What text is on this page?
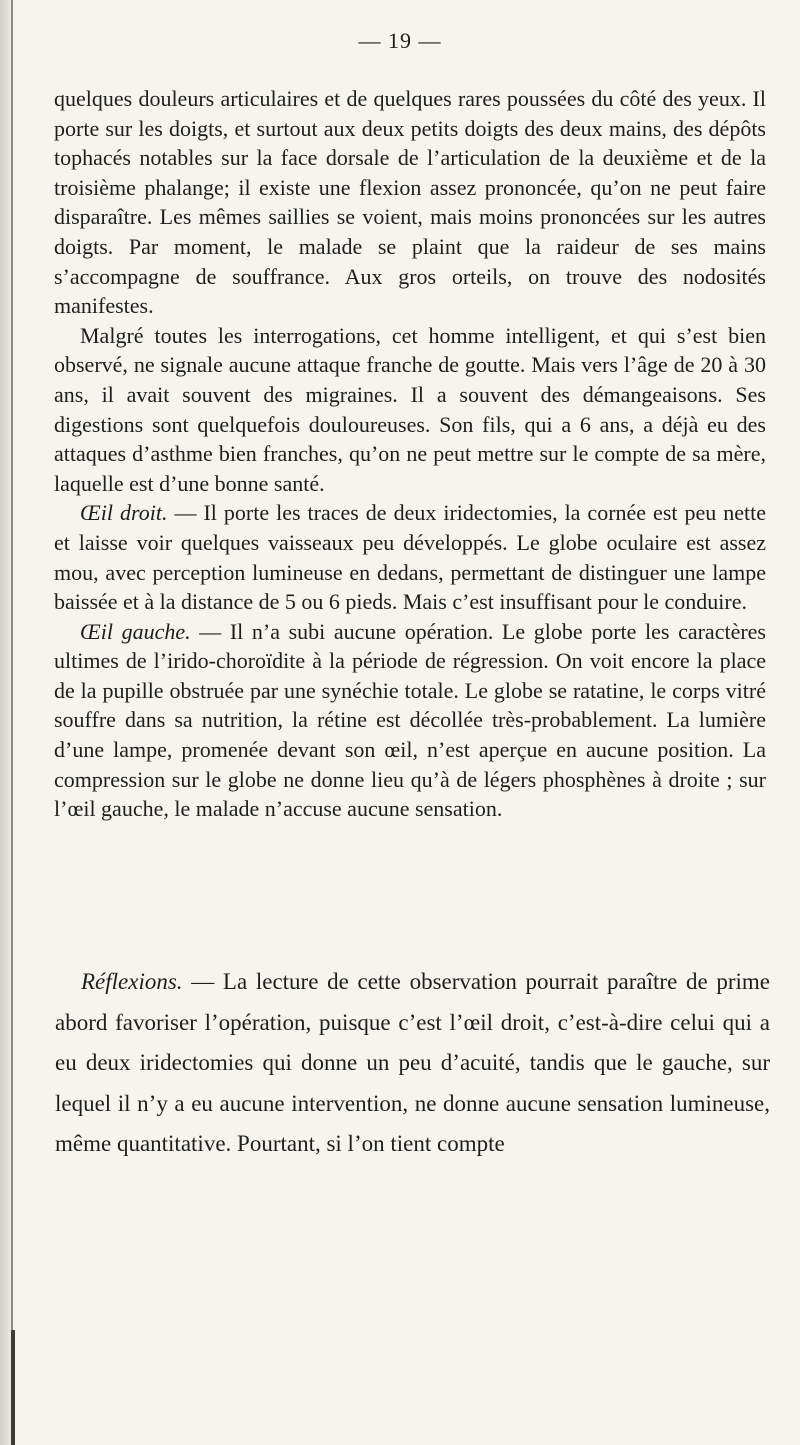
— 19 —

quelques douleurs articulaires et de quelques rares poussées du côté des yeux. Il porte sur les doigts, et surtout aux deux petits doigts des deux mains, des dépôts tophacés notables sur la face dorsale de l’articulation de la deuxième et de la troisième phalange; il existe une flexion assez prononcée, qu’on ne peut faire disparaître. Les mêmes saillies se voient, mais moins prononcées sur les autres doigts. Par moment, le malade se plaint que la raideur de ses mains s’accompagne de souffrance. Aux gros orteils, on trouve des nodosités manifestes.

Malgré toutes les interrogations, cet homme intelligent, et qui s’est bien observé, ne signale aucune attaque franche de goutte. Mais vers l’âge de 20 à 30 ans, il avait souvent des migraines. Il a souvent des démangeaisons. Ses digestions sont quelquefois douloureuses. Son fils, qui a 6 ans, a déjà eu des attaques d’asthme bien franches, qu’on ne peut mettre sur le compte de sa mère, laquelle est d’une bonne santé.

Œil droit. — Il porte les traces de deux iridectomies, la cornée est peu nette et laisse voir quelques vaisseaux peu développés. Le globe oculaire est assez mou, avec perception lumineuse en dedans, permettant de distinguer une lampe baissée et à la distance de 5 ou 6 pieds. Mais c’est insuffisant pour le conduire.

Œil gauche. — Il n’a subi aucune opération. Le globe porte les caractères ultimes de l’irido-choroïdite à la période de régression. On voit encore la place de la pupille obstruée par une synéchie totale. Le globe se ratatine, le corps vitré souffre dans sa nutrition, la rétine est décollée très-probablement. La lumière d’une lampe, promenée devant son œil, n’est aperçue en aucune position. La compression sur le globe ne donne lieu qu’à de légers phosphènes à droite ; sur l’œil gauche, le malade n’accuse aucune sensation.

Réflexions. — La lecture de cette observation pourrait paraître de prime abord favoriser l’opération, puisque c’est l’œil droit, c’est-à-dire celui qui a eu deux iridectomies qui donne un peu d’acuité, tandis que le gauche, sur lequel il n’y a eu aucune intervention, ne donne aucune sensation lumineuse, même quantitative. Pourtant, si l’on tient compte
